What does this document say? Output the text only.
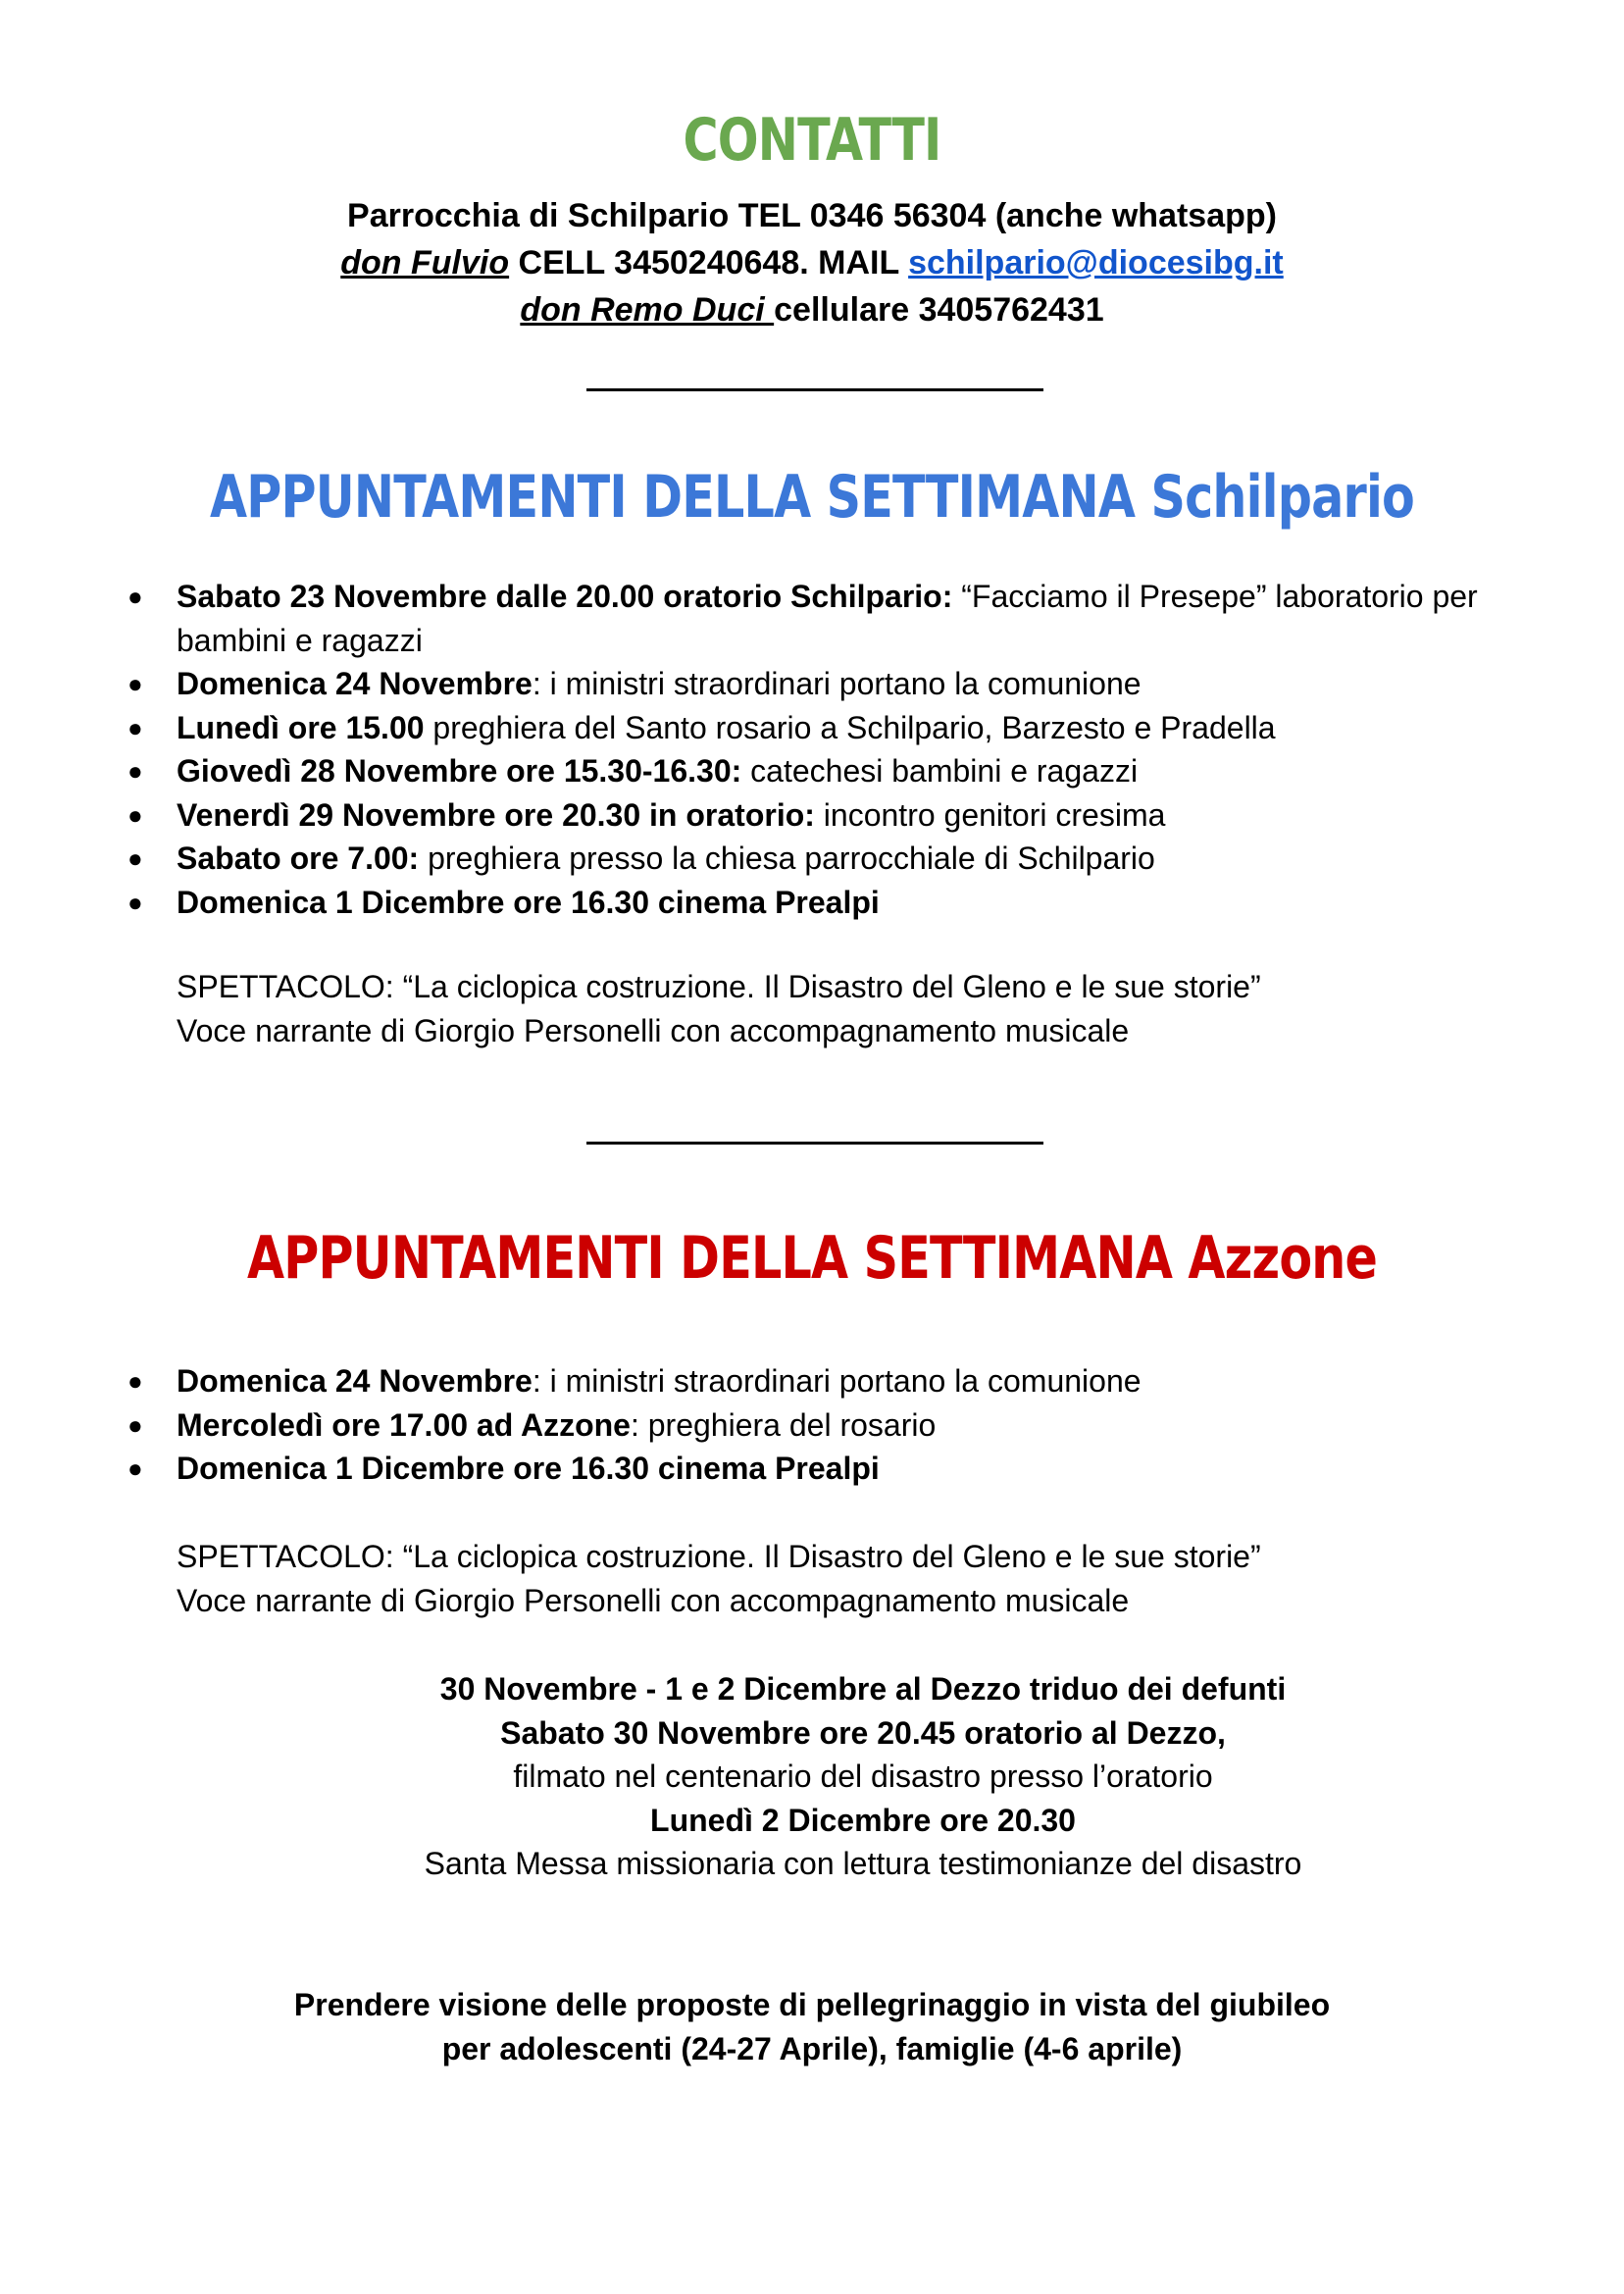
CONTATTI
Parrocchia di Schilpario TEL 0346 56304 (anche whatsapp)
don Fulvio CELL 3450240648. MAIL schilpario@diocesibg.it
don Remo Duci cellulare 3405762431
APPUNTAMENTI DELLA SETTIMANA Schilpario
●	Sabato 23 Novembre dalle 20.00 oratorio Schilpario: “Facciamo il Presepe” laboratorio per bambini e ragazzi
●	Domenica 24 Novembre: i ministri straordinari portano la comunione
●	Lunedì ore 15.00 preghiera del Santo rosario a Schilpario, Barzesto e Pradella
●	Giovedì 28 Novembre ore 15.30-16.30: catechesi bambini e ragazzi
●	Venerdì 29 Novembre ore 20.30 in oratorio: incontro genitori cresima
●	Sabato ore 7.00: preghiera presso la chiesa parrocchiale di Schilpario
●	Domenica 1 Dicembre ore 16.30 cinema Prealpi
SPETTACOLO: “La ciclopica costruzione. Il Disastro del Gleno e le sue storie”
Voce narrante di Giorgio Personelli con accompagnamento musicale
APPUNTAMENTI DELLA SETTIMANA Azzone
●	Domenica 24 Novembre: i ministri straordinari portano la comunione
●	Mercoledì ore 17.00 ad Azzone: preghiera del rosario
●	Domenica 1 Dicembre ore 16.30 cinema Prealpi
SPETTACOLO: “La ciclopica costruzione. Il Disastro del Gleno e le sue storie”
Voce narrante di Giorgio Personelli con accompagnamento musicale
30 Novembre - 1 e 2 Dicembre al Dezzo triduo dei defunti
Sabato 30 Novembre ore 20.45 oratorio al Dezzo,
filmato nel centenario del disastro presso l’oratorio
Lunedì 2 Dicembre ore 20.30
Santa Messa missionaria con lettura testimonianze del disastro
Prendere visione delle proposte di pellegrinaggio in vista del giubileo
per adolescenti (24-27 Aprile), famiglie (4-6 aprile)
